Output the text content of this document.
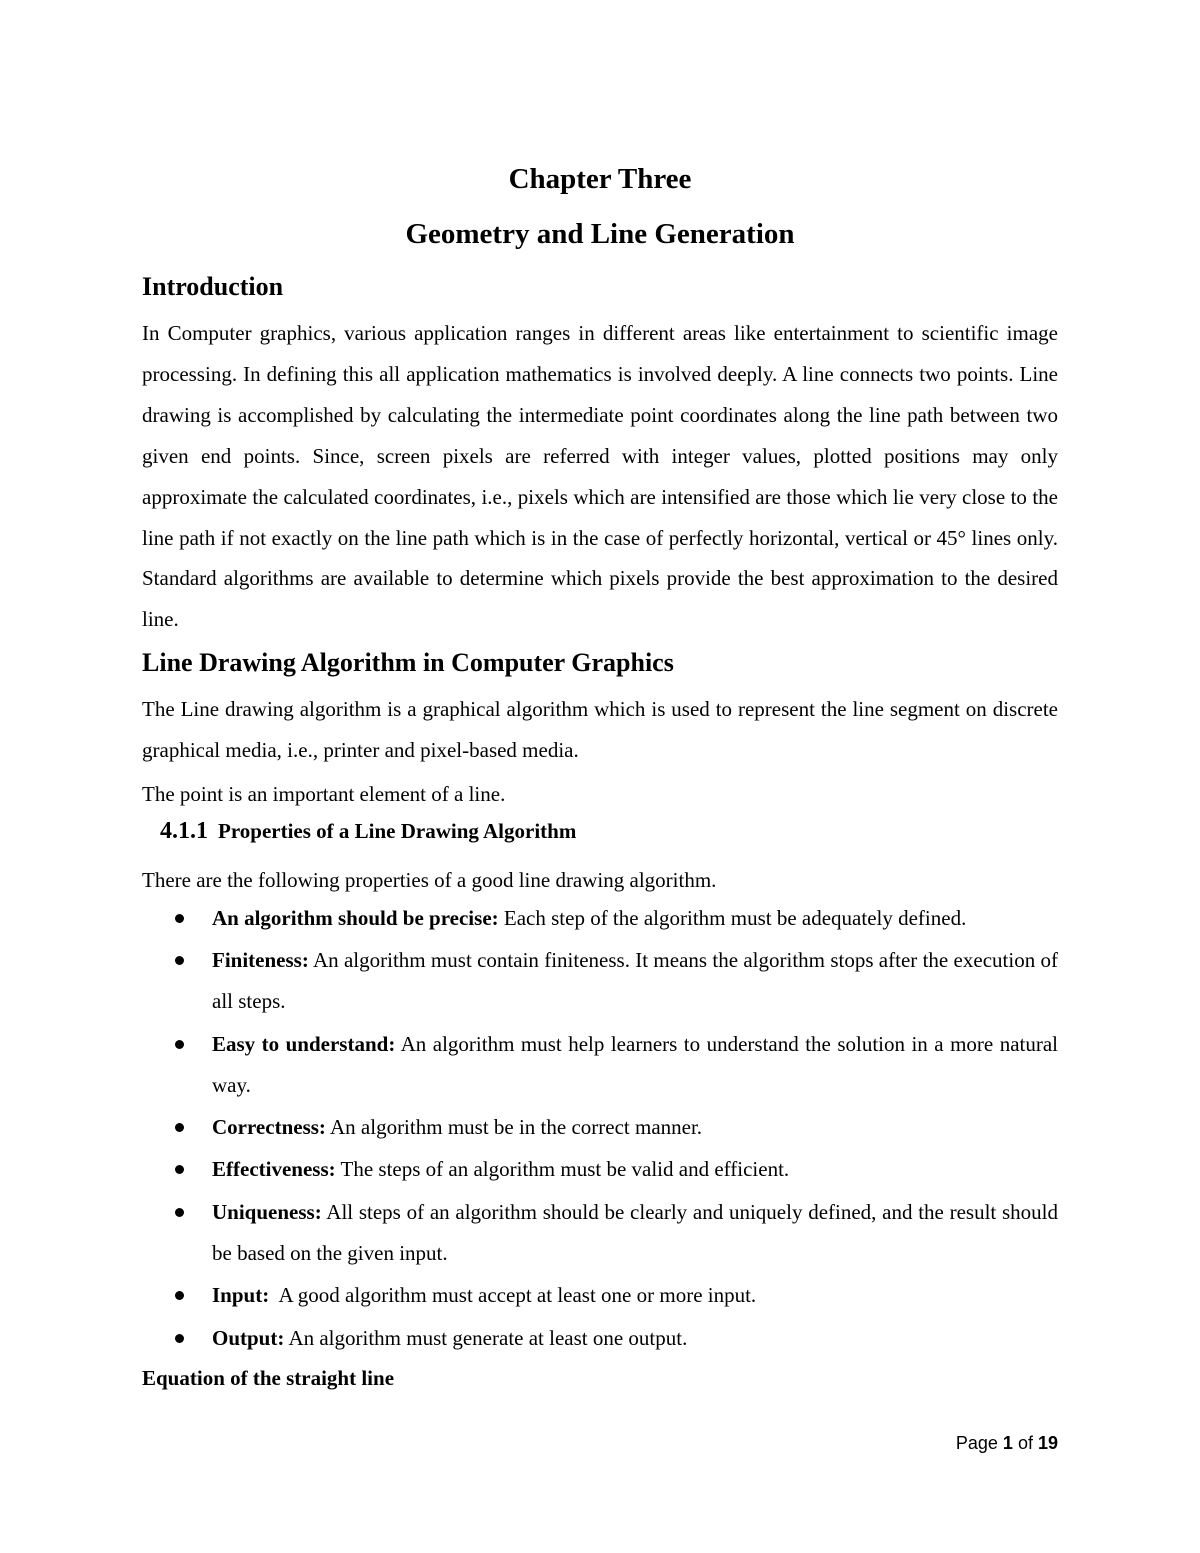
Chapter Three
Geometry and Line Generation
Introduction
In Computer graphics, various application ranges in different areas like entertainment to scientific image processing. In defining this all application mathematics is involved deeply. A line connects two points. Line drawing is accomplished by calculating the intermediate point coordinates along the line path between two given end points. Since, screen pixels are referred with integer values, plotted positions may only approximate the calculated coordinates, i.e., pixels which are intensified are those which lie very close to the line path if not exactly on the line path which is in the case of perfectly horizontal, vertical or 45° lines only. Standard algorithms are available to determine which pixels provide the best approximation to the desired line.
Line Drawing Algorithm in Computer Graphics
The Line drawing algorithm is a graphical algorithm which is used to represent the line segment on discrete graphical media, i.e., printer and pixel-based media.
The point is an important element of a line.
4.1.1 Properties of a Line Drawing Algorithm
There are the following properties of a good line drawing algorithm.
An algorithm should be precise: Each step of the algorithm must be adequately defined.
Finiteness: An algorithm must contain finiteness. It means the algorithm stops after the execution of all steps.
Easy to understand: An algorithm must help learners to understand the solution in a more natural way.
Correctness: An algorithm must be in the correct manner.
Effectiveness: The steps of an algorithm must be valid and efficient.
Uniqueness: All steps of an algorithm should be clearly and uniquely defined, and the result should be based on the given input.
Input:  A good algorithm must accept at least one or more input.
Output: An algorithm must generate at least one output.
Equation of the straight line
Page 1 of 19
